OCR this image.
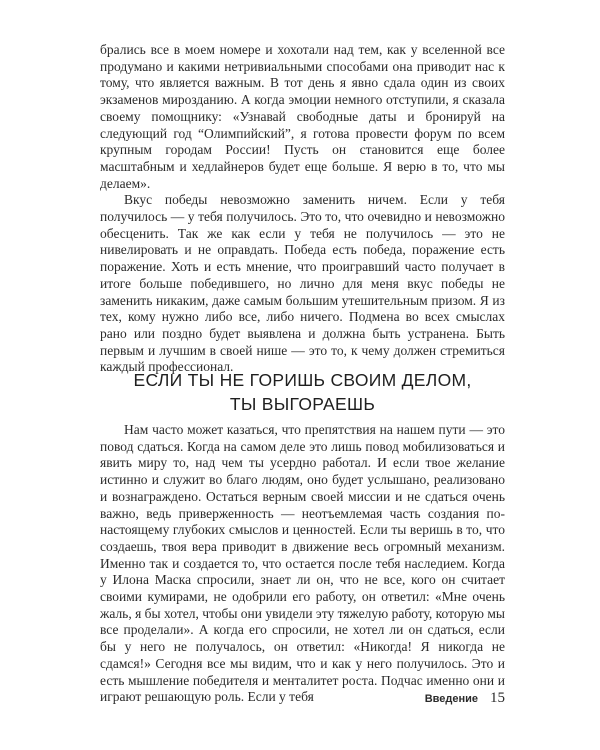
брались все в моем номере и хохотали над тем, как у вселенной все продумано и какими нетривиальными способами она приводит нас к тому, что является важным. В тот день я явно сдала один из своих экзаменов мирозданию. А когда эмоции немного отступили, я сказала своему помощнику: «Узнавай свободные даты и бронируй на следующий год “Олимпийский”, я готова провести форум по всем крупным городам России! Пусть он становится еще более масштабным и хедлайнеров будет еще больше. Я верю в то, что мы делаем».

Вкус победы невозможно заменить ничем. Если у тебя получилось — у тебя получилось. Это то, что очевидно и невозможно обесценить. Так же как если у тебя не получилось — это не нивелировать и не оправдать. Победа есть победа, поражение есть поражение. Хоть и есть мнение, что проигравший часто получает в итоге больше победившего, но лично для меня вкус победы не заменить никаким, даже самым большим утешительным призом. Я из тех, кому нужно либо все, либо ничего. Подмена во всех смыслах рано или поздно будет выявлена и должна быть устранена. Быть первым и лучшим в своей нише — это то, к чему должен стремиться каждый профессионал.

ЕСЛИ ТЫ НЕ ГОРИШЬ СВОИМ ДЕЛОМ,
ТЫ ВЫГОРАЕШЬ

Нам часто может казаться, что препятствия на нашем пути — это повод сдаться. Когда на самом деле это лишь повод мобилизоваться и явить миру то, над чем ты усердно работал. И если твое желание истинно и служит во благо людям, оно будет услышано, реализовано и вознаграждено. Остаться верным своей миссии и не сдаться очень важно, ведь приверженность — неотъемлемая часть создания по-настоящему глубоких смыслов и ценностей. Если ты веришь в то, что создаешь, твоя вера приводит в движение весь огромный механизм. Именно так и создается то, что остается после тебя наследием. Когда у Илона Маска спросили, знает ли он, что не все, кого он считает своими кумирами, не одобрили его работу, он ответил: «Мне очень жаль, я бы хотел, чтобы они увидели эту тяжелую работу, которую мы все проделали». А когда его спросили, не хотел ли он сдаться, если бы у него не получалось, он ответил: «Никогда! Я никогда не сдамся!» Сегодня все мы видим, что и как у него получилось. Это и есть мышление победителя и менталитет роста. Подчас именно они и играют решающую роль. Если у тебя	Введение 15
